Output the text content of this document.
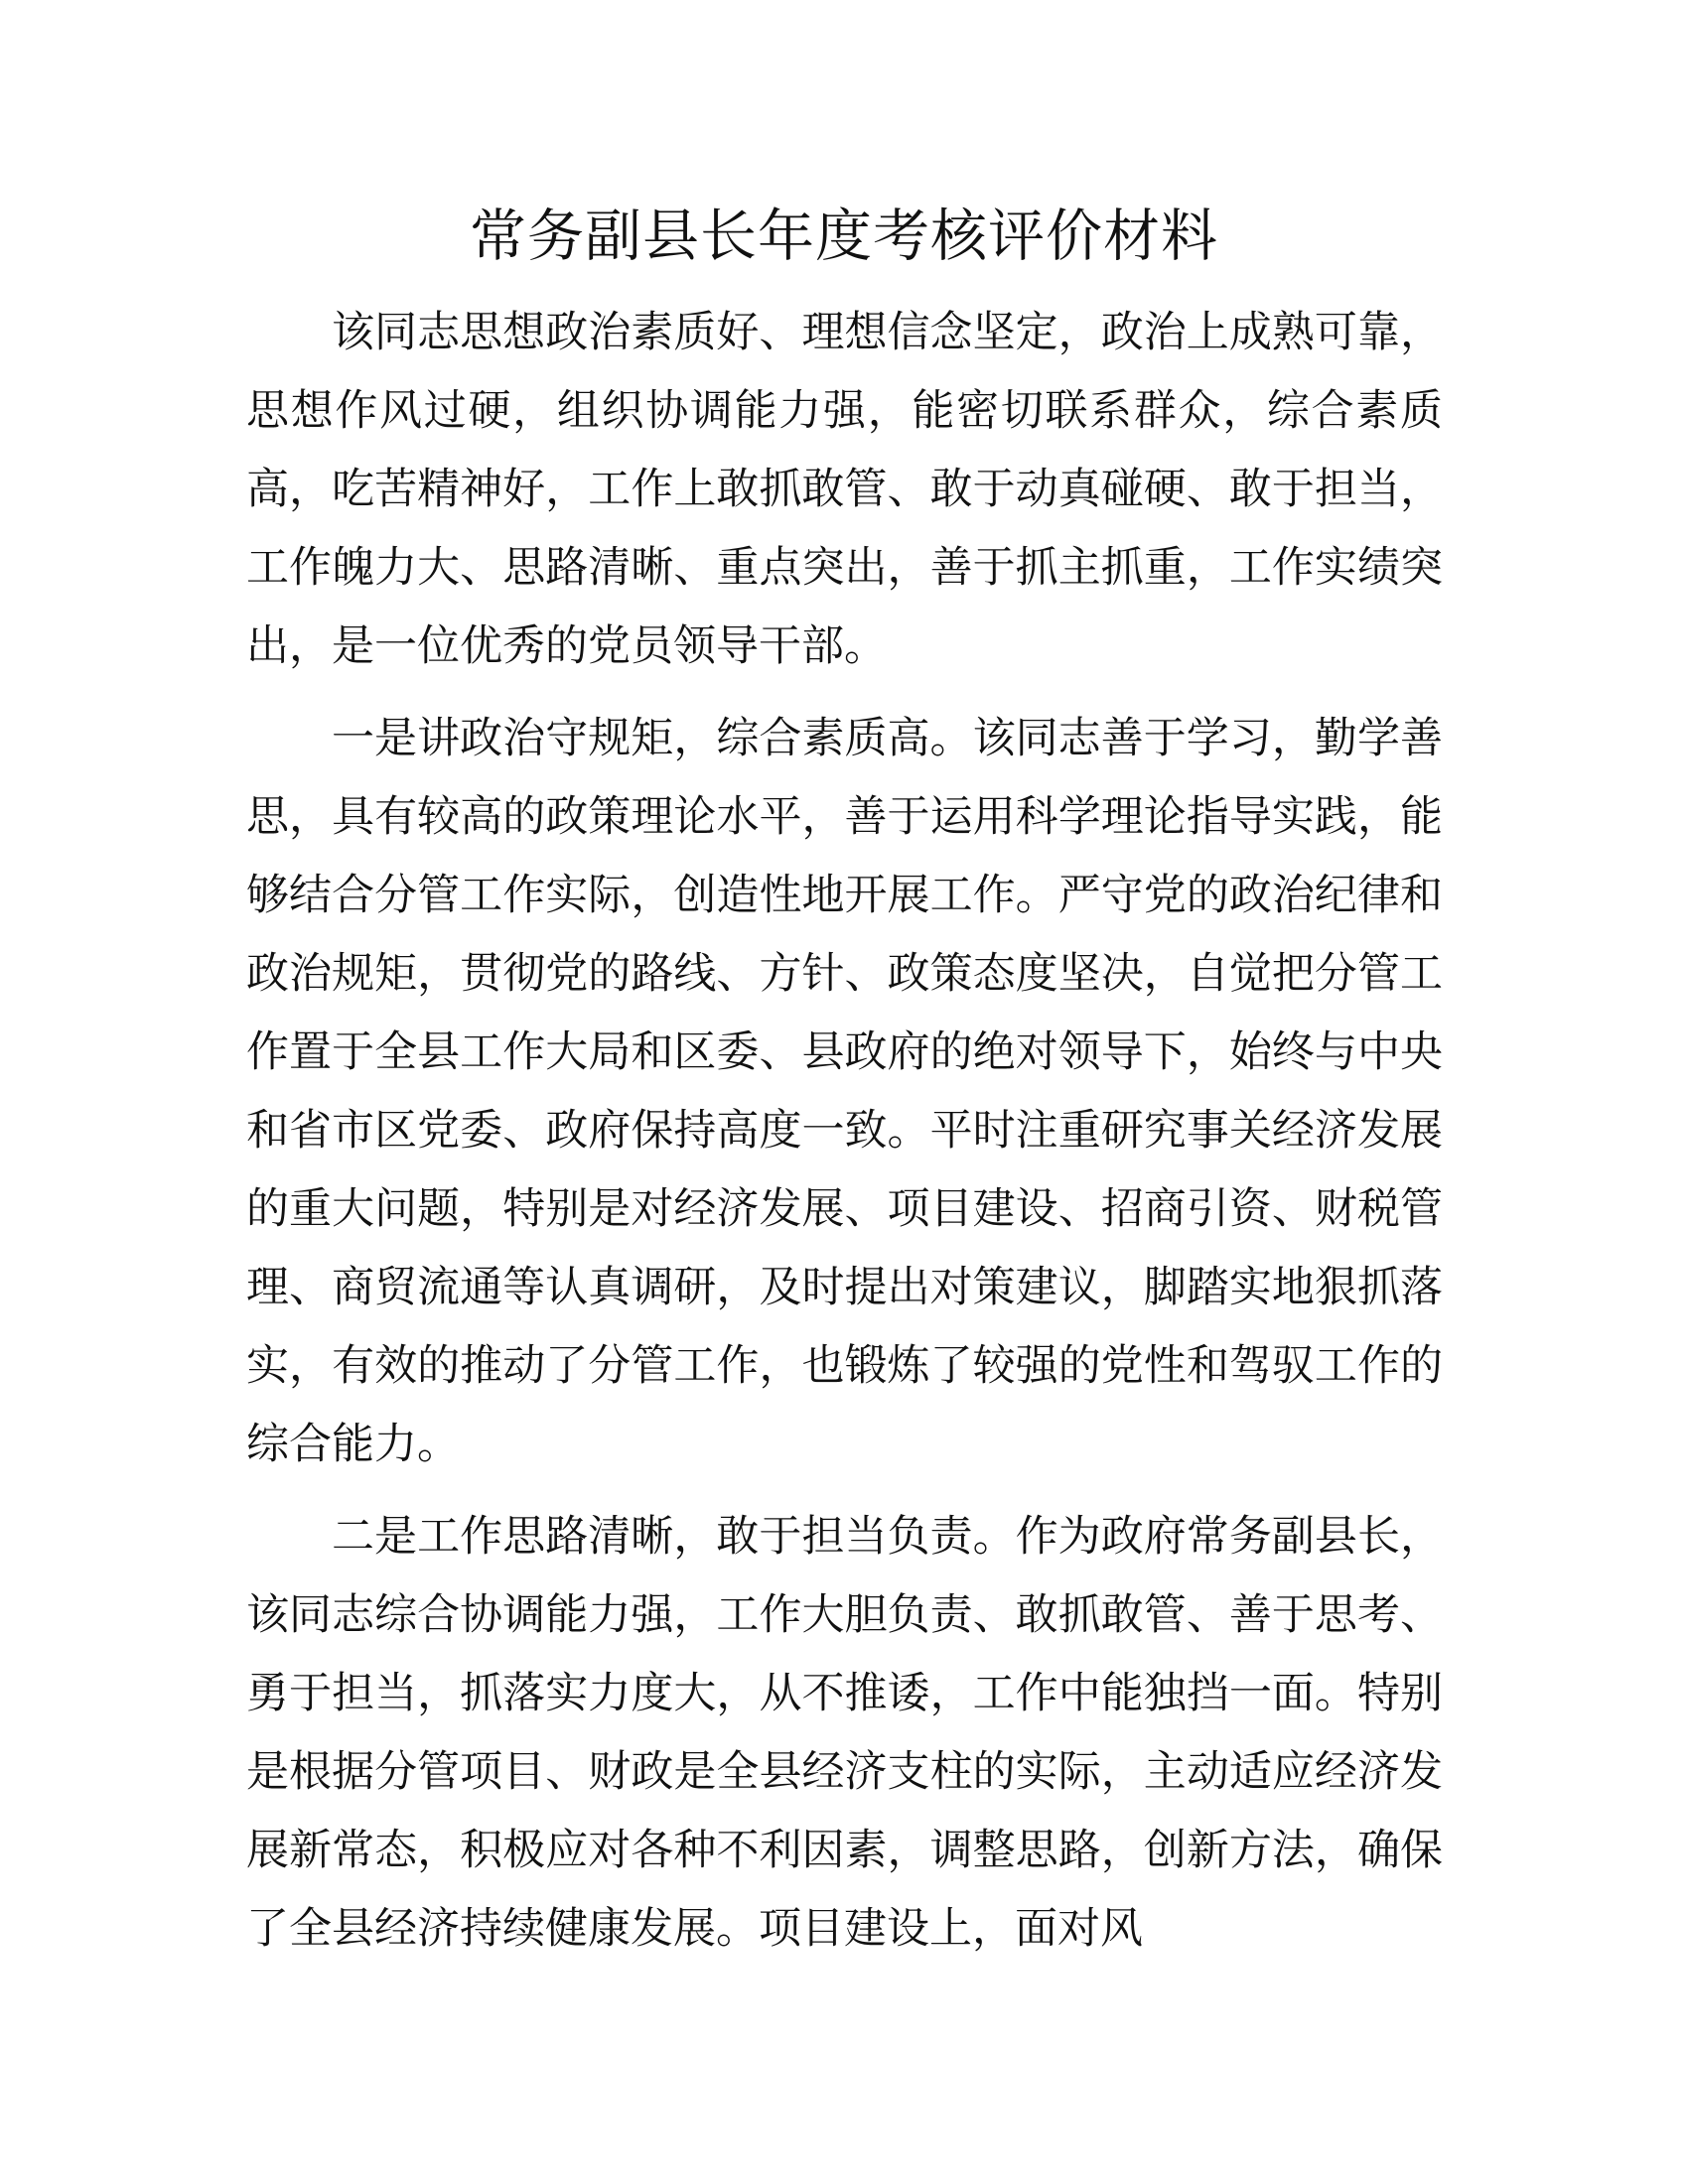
常务副县长年度考核评价材料

该同志思想政治素质好、理想信念坚定，政治上成熟可靠，思想作风过硬，组织协调能力强，能密切联系群众，综合素质高，吃苦精神好，工作上敢抓敢管、敢于动真碰硬、敢于担当，工作魄力大、思路清晰、重点突出，善于抓主抓重，工作实绩突出，是一位优秀的党员领导干部。

一是讲政治守规矩，综合素质高。该同志善于学习，勤学善思，具有较高的政策理论水平，善于运用科学理论指导实践，能够结合分管工作实际，创造性地开展工作。严守党的政治纪律和政治规矩，贯彻党的路线、方针、政策态度坚决，自觉把分管工作置于全县工作大局和区委、县政府的绝对领导下，始终与中央和省市区党委、政府保持高度一致。平时注重研究事关经济发展的重大问题，特别是对经济发展、项目建设、招商引资、财税管理、商贸流通等认真调研，及时提出对策建议，脚踏实地狠抓落实，有效的推动了分管工作，也锻炼了较强的党性和驾驭工作的综合能力。

二是工作思路清晰，敢于担当负责。作为政府常务副县长，该同志综合协调能力强，工作大胆负责、敢抓敢管、善于思考、勇于担当，抓落实力度大，从不推诿，工作中能独挡一面。特别是根据分管项目、财政是全县经济支柱的实际，主动适应经济发展新常态，积极应对各种不利因素，调整思路，创新方法，确保了全县经济持续健康发展。项目建设上，面对风
